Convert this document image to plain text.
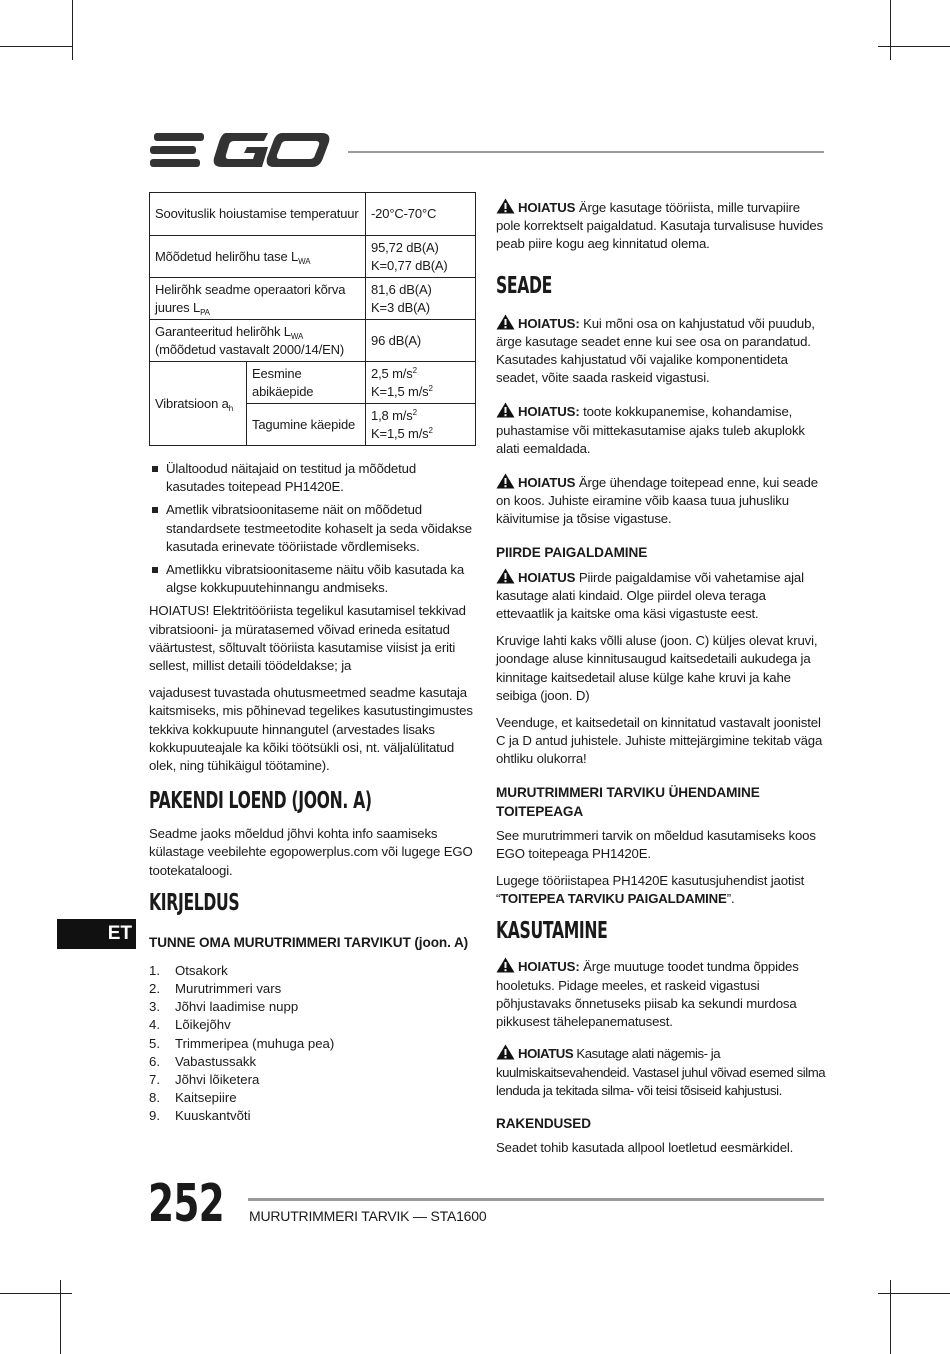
Soovituslik hoiustamise temperatuur		-20°C-70°C
Mõõdetud helirõhu tase $L_{WA}$		95,72 dB(A)
K=0,77 dB(A)
Helirõhk seadme operaatori kõrva juures $L_{PA}$		81,6 dB(A)
K=3 dB(A)
Garanteeritud helirõhk $L_{WA}$
(mõõdetud vastavalt 2000/14/EN)		96 dB(A)
Vibratsioon $a_h$	Eesmine abikäepide	2,5 $m/s^2$
K=1,5 $m/s^2$
	Tagumine käepide	1,8 $m/s^2$
K=1,5 $m/s^2$
Ülaltoodud näitajaid on testitud ja mõõdetud kasutades toitepead PH1420E.
Ametlik vibratsioonitaseme näit on mõõdetud standardsete testmeetodite kohaselt ja seda võidakse kasutada erinevate tööriistade võrdlemiseks.
Ametlikku vibratsioonitaseme näitu võib kasutada ka algse kokkupuutehinnangu andmiseks.

HOIATUS! Elektritööriista tegelikul kasutamisel tekkivad vibratsiooni- ja müratasemed võivad erineda esitatud väärtustest, sõltuvalt tööriista kasutamise viisist ja eriti sellest, millist detaili töödeldakse; ja

vajadusest tuvastada ohutusmeetmed seadme kasutaja kaitsmiseks, mis põhinevad tegelikes kasutustingimustes tekkiva kokkupuute hinnangutel (arvestades lisaks kokkupuuteajale ka kõiki töötsükli osi, nt. väljalülitatud olek, ning tühikäigul töötamine).

PAKENDI LOEND (JOON. A)

Seadme jaoks mõeldud jõhvi kohta info saamiseks külastage veebilehte egopowerplus.com või lugege EGO tootekataloogi.

KIRJELDUS
TUNNE OMA MURUTRIMMERI TARVIKUT (joon. A)
1.	Otsakork
2.	Murutrimmeri vars
3.	Jõhvi laadimise nupp
4.	Lõikejõhv
5.	Trimmeripea (muhuga pea)
6.	Vabastussakk
7.	Jõhvi lõiketera
8.	Kaitsepiire
9.	Kuuskantvõti

HOIATUS Ärge kasutage tööriista, mille turvapiire pole korrektselt paigaldatud. Kasutaja turvalisuse huvides peab piire kogu aeg kinnitatud olema.

SEADE

HOIATUS: Kui mõni osa on kahjustatud või puudub, ärge kasutage seadet enne kui see osa on parandatud. Kasutades kahjustatud või vajalike komponentideta seadet, võite saada raskeid vigastusi.

HOIATUS: toote kokkupanemise, kohandamise, puhastamise või mittekasutamise ajaks tuleb akuplokk alati eemaldada.

HOIATUS Ärge ühendage toitepead enne, kui seade on koos. Juhiste eiramine võib kaasa tuua juhusliku käivitumise ja tõsise vigastuse.

PIIRDE PAIGALDAMINE

HOIATUS Piirde paigaldamise või vahetamise ajal kasutage alati kindaid. Olge piirdel oleva teraga ettevaatlik ja kaitske oma käsi vigastuste eest.

Kruvige lahti kaks võlli aluse (joon. C) küljes olevat kruvi, joondage aluse kinnitusaugud kaitsedetaili aukudega ja kinnitage kaitsedetail aluse külge kahe kruvi ja kahe seibiga (joon. D)

Veenduge, et kaitsedetail on kinnitatud vastavalt joonistel C ja D antud juhistele. Juhiste mittejärgimine tekitab väga ohtliku olukorra!

MURUTRIMMERI TARVIKU ÜHENDAMINE TOITEPEAGA

See murutrimmeri tarvik on mõeldud kasutamiseks koos EGO toitepeaga PH1420E.

Lugege tööriistapea PH1420E kasutusjuhendist jaotist “TOITEPEA TARVIKU PAIGALDAMINE”.

KASUTAMINE

HOIATUS: Ärge muutuge toodet tundma õppides hooletuks. Pidage meeles, et raskeid vigastusi põhjustavaks õnnetuseks piisab ka sekundi murdosa pikkusest tähelepanematusest.

HOIATUS Kasutage alati nägemis- ja kuulmiskaitsevahendeid. Vastasel juhul võivad esemed silma lenduda ja tekitada silma- või teisi tõsiseid kahjustusi.

RAKENDUSED

Seadet tohib kasutada allpool loetletud eesmärkidel.

ET
252 MURUTRIMMERI TARVIK — STA1600
